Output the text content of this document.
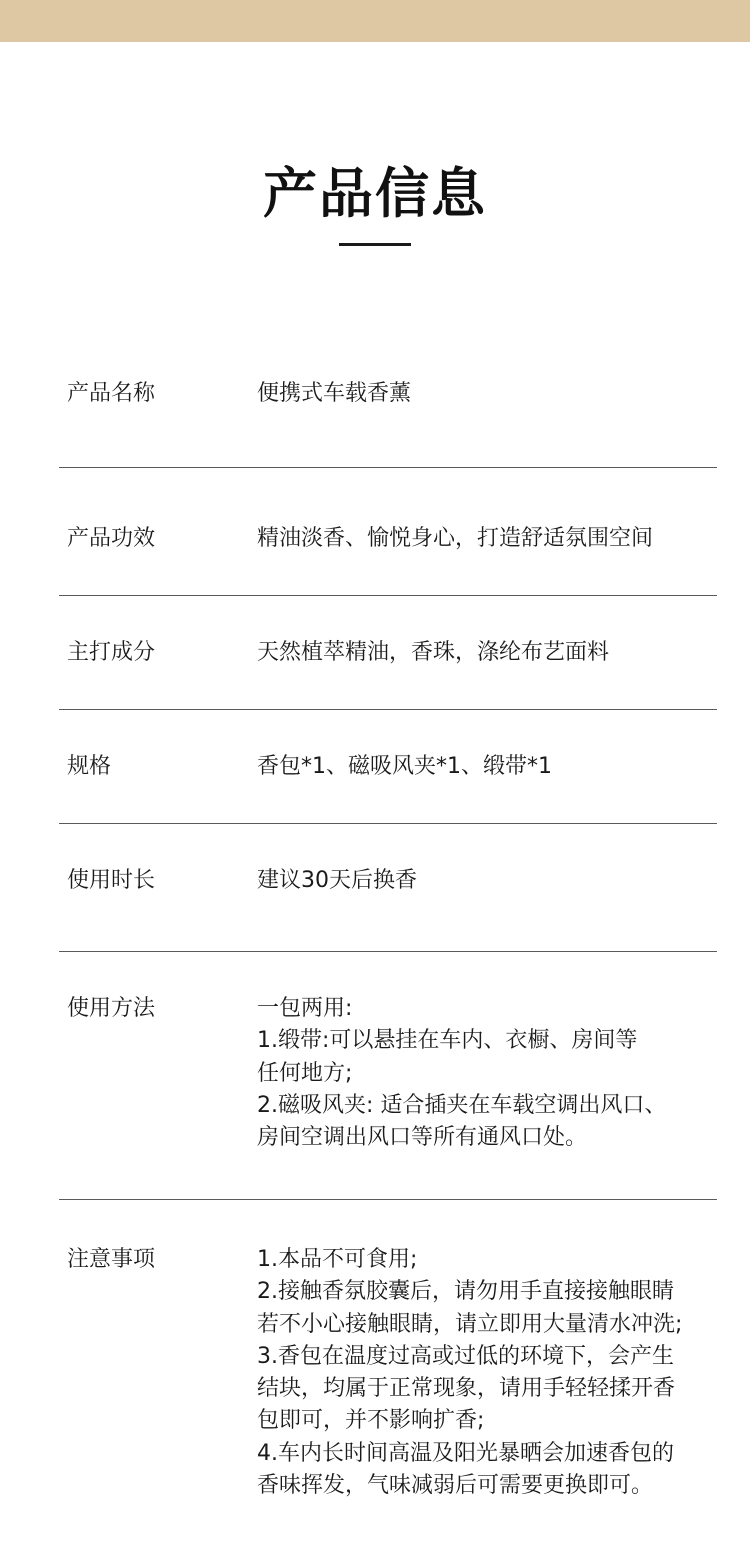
产品信息
产品名称	便携式车载香薰
产品功效	精油淡香、愉悦身心，打造舒适氛围空间
主打成分	天然植萃精油，香珠，涤纶布艺面料
规格	香包*1、磁吸风夹*1、缎带*1
使用时长	建议30天后换香
使用方法	一包两用:
1.缎带:可以悬挂在车内、衣橱、房间等
任何地方;
2.磁吸风夹: 适合插夹在车载空调出风口、
房间空调出风口等所有通风口处。
注意事项	1.本品不可食用;
2.接触香氛胶囊后，请勿用手直接接触眼睛
若不小心接触眼睛，请立即用大量清水冲洗;
3.香包在温度过高或过低的环境下，会产生
结块，均属于正常现象，请用手轻轻揉开香
包即可，并不影响扩香;
4.车内长时间高温及阳光暴晒会加速香包的
香味挥发，气味减弱后可需要更换即可。
